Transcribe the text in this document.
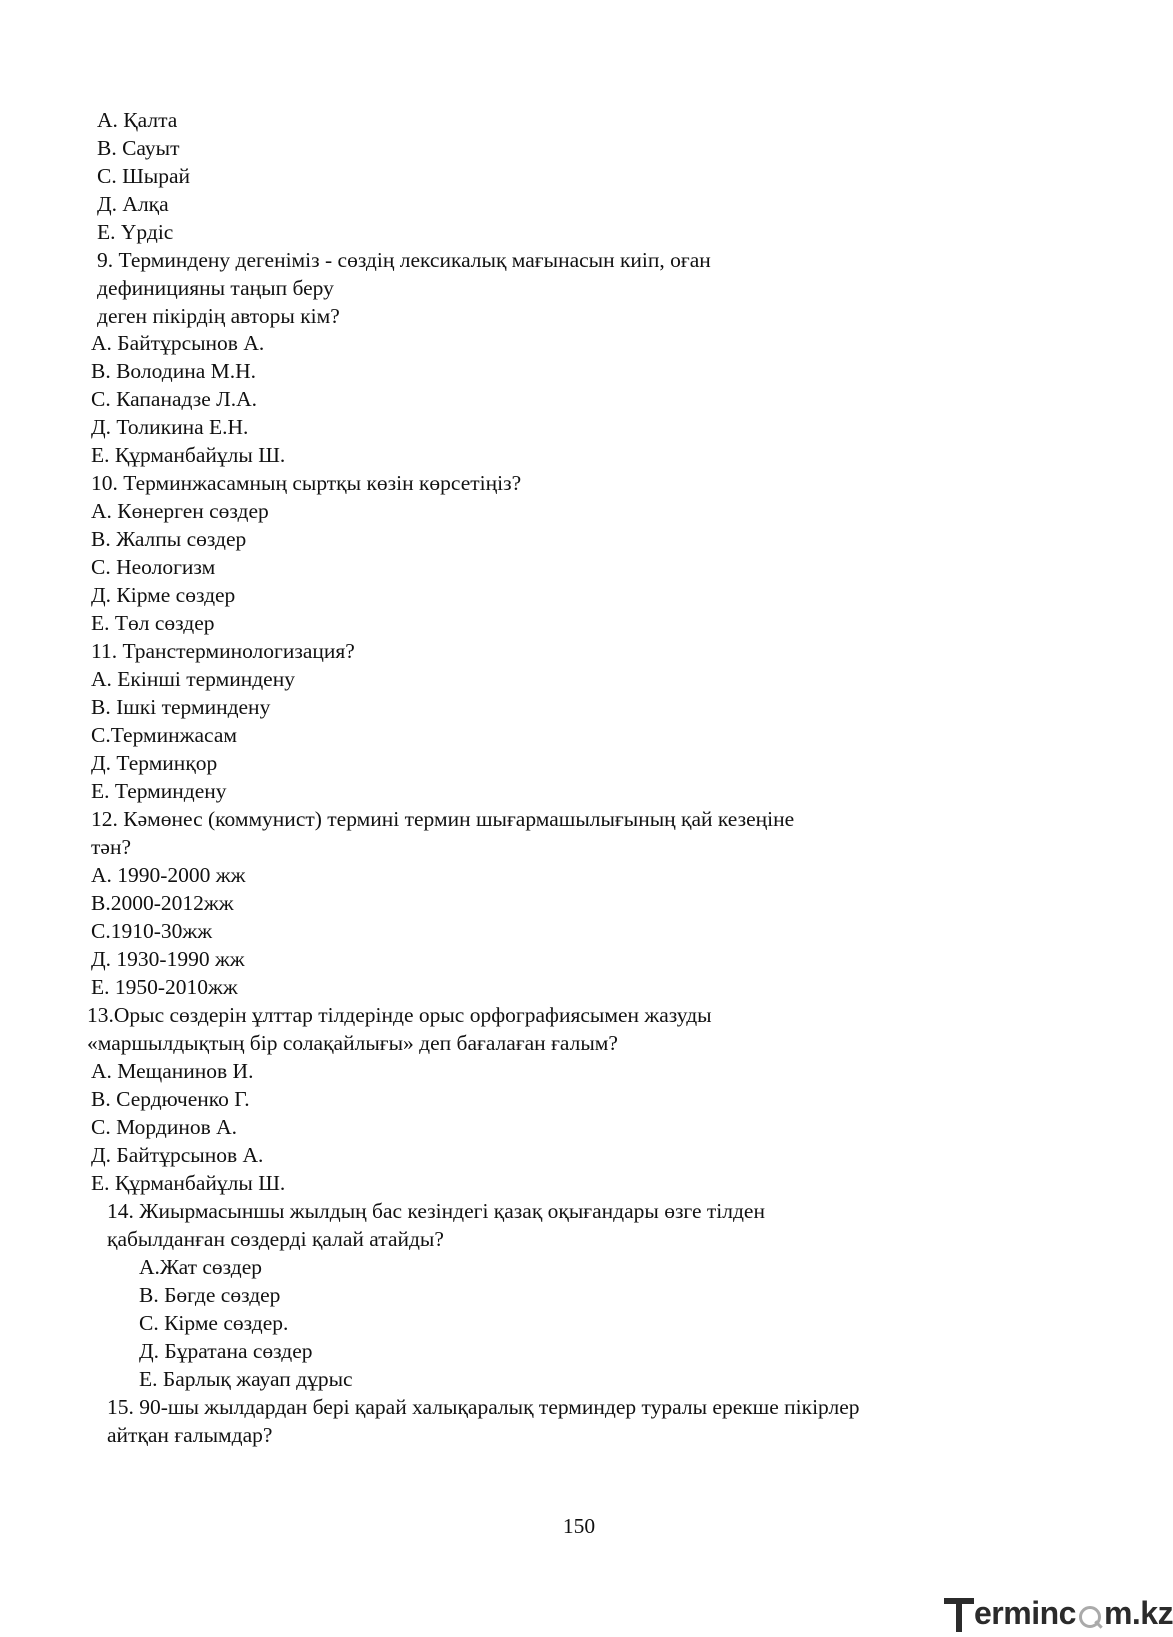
А. Қалта
В. Сауыт
С. Шырай
Д. Алқа
Е. Үрдіс
9. Терминдену дегеніміз - сөздің лексикалық мағынасын киіп, оған
дефиницияны таңып беру
деген пікірдің авторы кім?
А. Байтұрсынов А.
В. Володина М.Н.
С. Капанадзе Л.А.
Д. Толикина Е.Н.
Е. Құрманбайұлы Ш.
10. Терминжасамның сыртқы көзін көрсетіңіз?
А. Көнерген сөздер
В. Жалпы сөздер
С. Неологизм
Д. Кірме сөздер
Е. Төл сөздер
11. Транстерминологизация?
А. Екінші терминдену
В. Ішкі терминдену
С.Терминжасам
Д. Терминқор
Е. Терминдену
12. Кәмөнес (коммунист) термині термин шығармашылығының қай кезеңіне
тән?
А. 1990-2000 жж
В.2000-2012жж
С.1910-30жж
Д. 1930-1990 жж
Е. 1950-2010жж
13.Орыс сөздерін ұлттар тілдерінде орыс орфографиясымен жазуды
«маршылдықтың бір солақайлығы» деп бағалаған ғалым?
А. Мещанинов И.
В. Сердюченко Г.
С. Мординов А.
Д. Байтұрсынов А.
Е. Құрманбайұлы Ш.
14. Жиырмасыншы жылдың бас кезіндегі қазақ оқығандары өзге тілден
қабылданған сөздерді қалай атайды?
А.Жат сөздер
В. Бөгде сөздер
С. Кірме сөздер.
Д. Бұратана сөздер
Е. Барлық жауап дұрыс
15. 90-шы жылдардан бері қарай халықаралық терминдер туралы ерекше пікірлер
айтқан ғалымдар?
150
erminc m.kz
